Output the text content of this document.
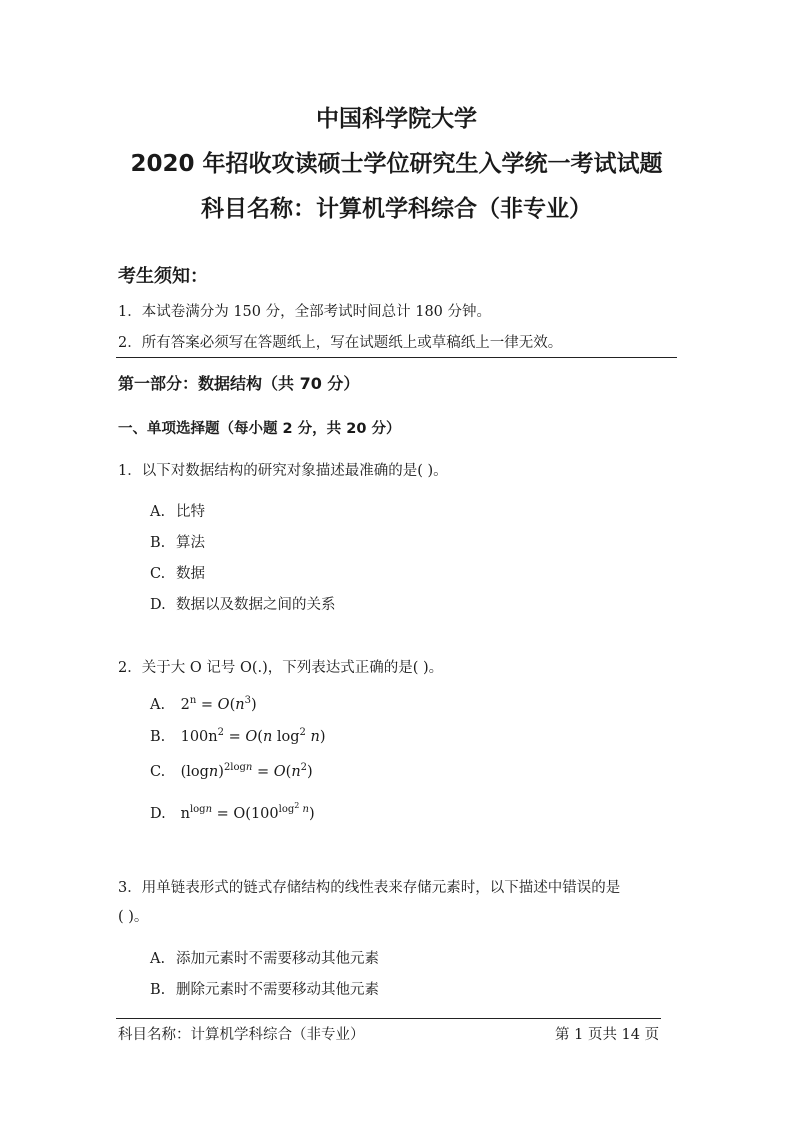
中国科学院大学
2020 年招收攻读硕士学位研究生入学统一考试试题
科目名称：计算机学科综合（非专业）
考生须知：
1．本试卷满分为 150 分，全部考试时间总计 180 分钟。
2．所有答案必须写在答题纸上，写在试题纸上或草稿纸上一律无效。
第一部分：数据结构（共 70 分）
一、单项选择题（每小题 2 分，共 20 分）
1．以下对数据结构的研究对象描述最准确的是( )。
A. 比特
B. 算法
C. 数据
D. 数据以及数据之间的关系
2．关于大 O 记号 O(.)，下列表达式正确的是( )。
A. $2^n = O(n^3)$
B. $100n^2 = O(n$ $\log^2 n$)
C. $(\log n)^{2logn} = O(n^2)$
D. $n^{logn} = O(100^{log^2 n})$
3．用单链表形式的链式存储结构的线性表来存储元素时，以下描述中错误的是
( )。
A. 添加元素时不需要移动其他元素
B. 删除元素时不需要移动其他元素
科目名称：计算机学科综合（非专业）	第 1 页共 14 页
